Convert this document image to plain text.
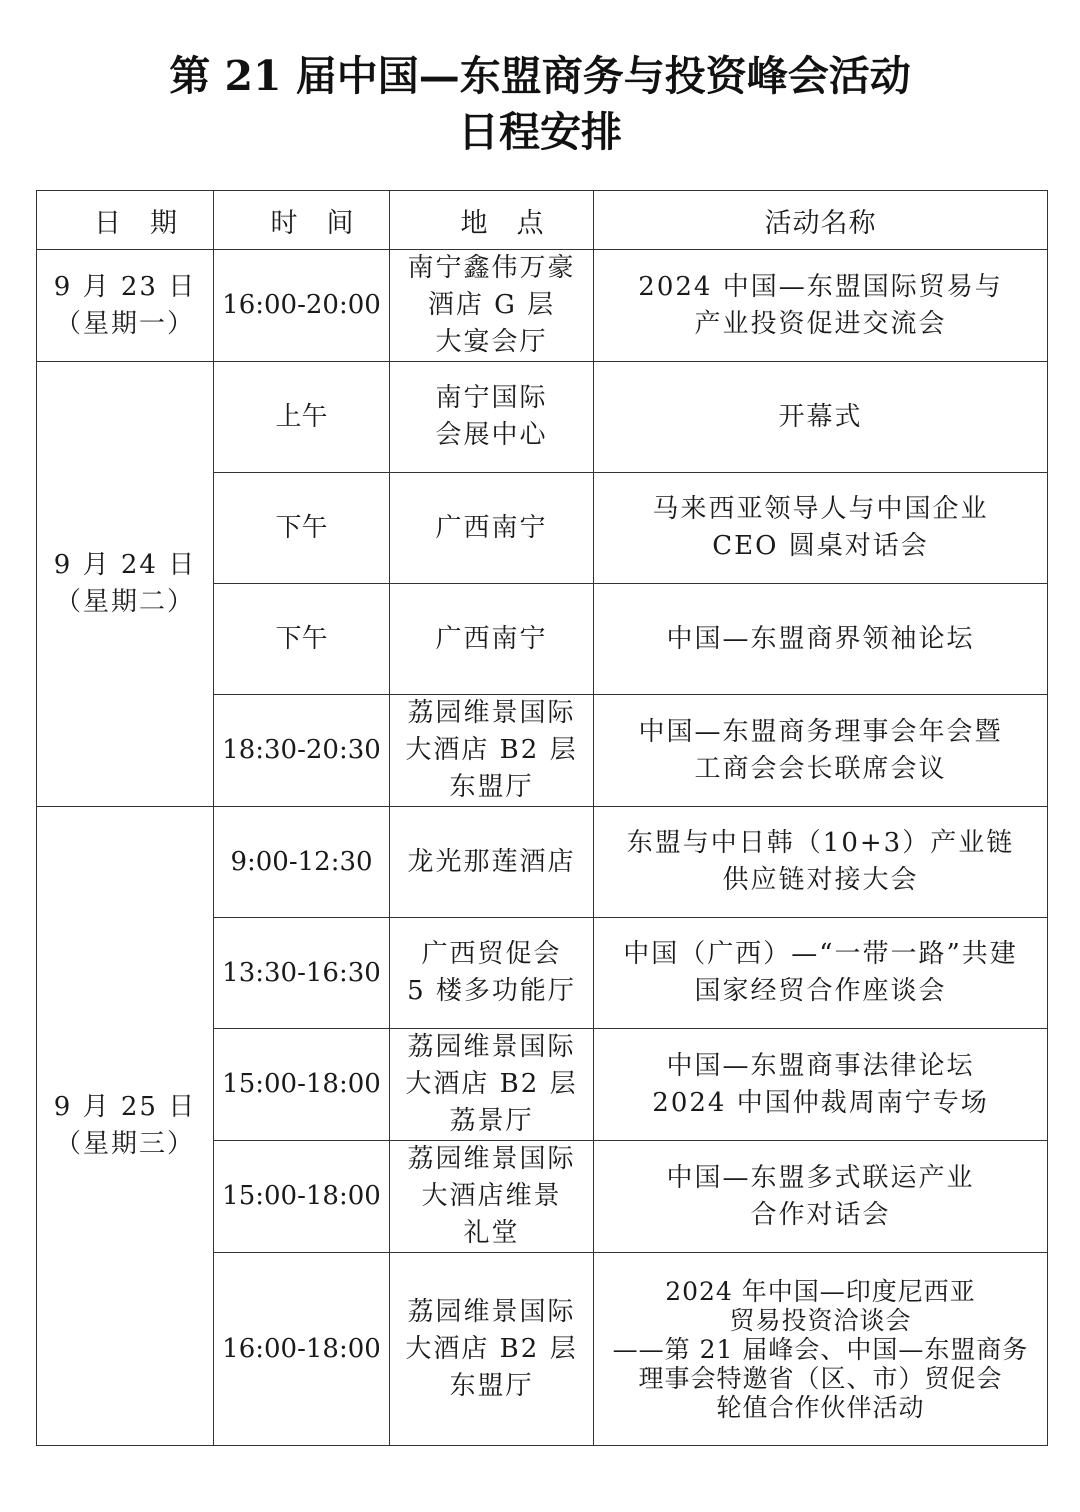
第 21 届中国—东盟商务与投资峰会活动
日程安排
日　期	时　间	地　点	活动名称

9 月 23 日
（星期一）	16:00-20:00	南宁鑫伟万豪
酒店 G 层
大宴会厅	2024 中国—东盟国际贸易与
产业投资促进交流会

9 月 24 日
（星期二）	上午	南宁国际
会展中心	开幕式

	下午	广西南宁	马来西亚领导人与中国企业
CEO 圆桌对话会

	下午	广西南宁	中国—东盟商界领袖论坛

	18:30-20:30	荔园维景国际
大酒店 B2 层
东盟厅	中国—东盟商务理事会年会暨
工商会会长联席会议

9 月 25 日
（星期三）	9:00-12:30	龙光那莲酒店	东盟与中日韩（10+3）产业链
供应链对接大会

	13:30-16:30	广西贸促会
5 楼多功能厅	中国（广西）—“一带一路”共建
国家经贸合作座谈会

	15:00-18:00	荔园维景国际
大酒店 B2 层
荔景厅	中国—东盟商事法律论坛
2024 中国仲裁周南宁专场

	15:00-18:00	荔园维景国际
大酒店维景
礼堂	中国—东盟多式联运产业
合作对话会

	16:00-18:00	荔园维景国际
大酒店 B2 层
东盟厅	2024 年中国—印度尼西亚
贸易投资洽谈会
——第 21 届峰会、中国—东盟商务
理事会特邀省（区、市）贸促会
轮值合作伙伴活动
